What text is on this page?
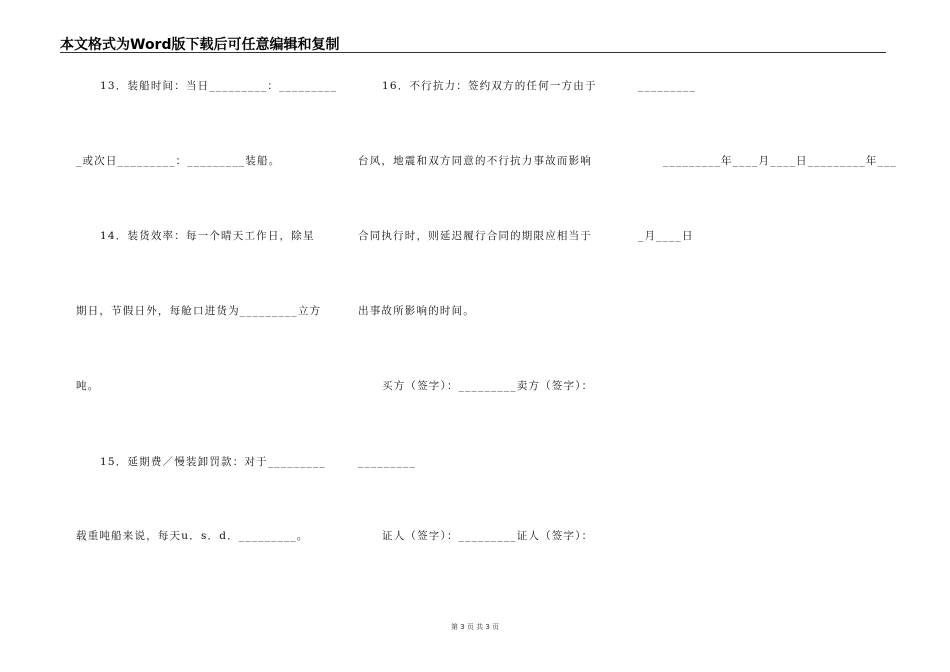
本文格式为Word版下载后可任意编辑和复制
13．装船时间：当日_________：_________
_或次日_________：_________装船。
14．装货效率：每一个晴天工作日，除星
期日，节假日外，每舱口进货为_________立方
吨。
15．延期费／慢装卸罚款：对于_________
载重吨船来说，每天u．s．d．_________。
16．不行抗力：签约双方的任何一方由于
台风，地震和双方同意的不行抗力事故而影响
合同执行时，则延迟履行合同的期限应相当于
出事故所影响的时间。
买方（签字）：_________卖方（签字）：
_________
证人（签字）：_________证人（签字）：
_________
_________年____月____日_________年___
_月____日
第 3 页 共 3 页
